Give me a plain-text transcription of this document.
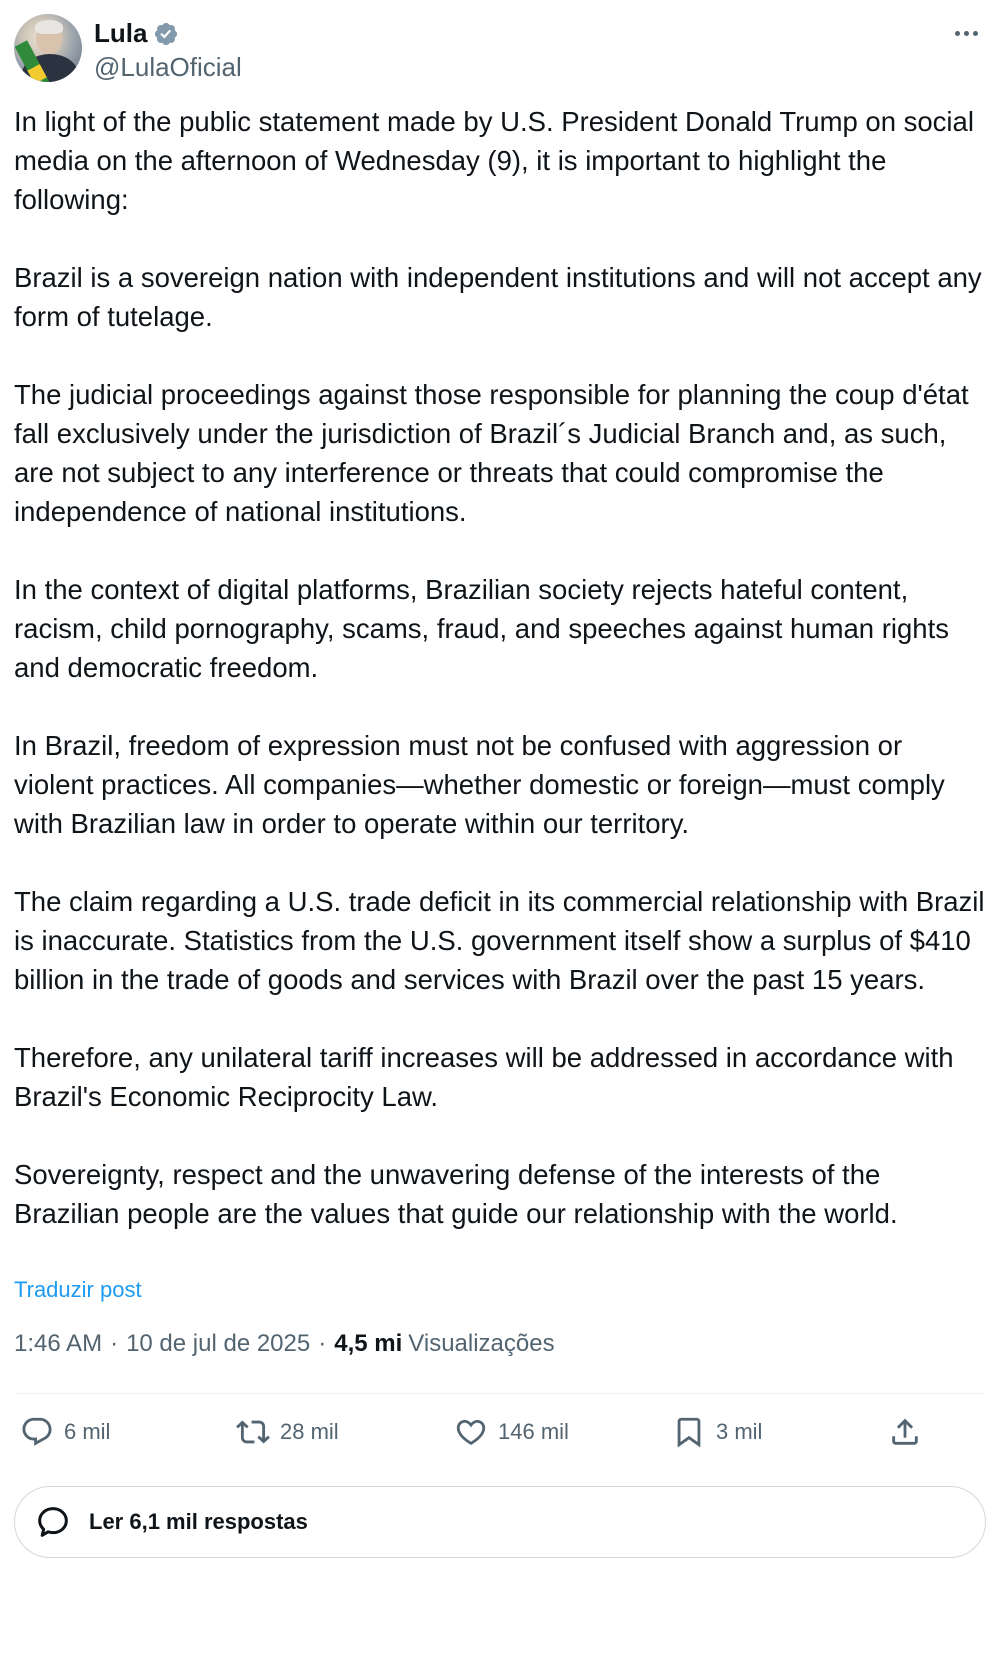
Lula
@LulaOficial

In light of the public statement made by U.S. President Donald Trump on social media on the afternoon of Wednesday (9), it is important to highlight the following:

Brazil is a sovereign nation with independent institutions and will not accept any form of tutelage.

The judicial proceedings against those responsible for planning the coup d'état fall exclusively under the jurisdiction of Brazil´s Judicial Branch and, as such, are not subject to any interference or threats that could compromise the independence of national institutions.

In the context of digital platforms, Brazilian society rejects hateful content, racism, child pornography, scams, fraud, and speeches against human rights and democratic freedom.

In Brazil, freedom of expression must not be confused with aggression or violent practices. All companies—whether domestic or foreign—must comply with Brazilian law in order to operate within our territory.

The claim regarding a U.S. trade deficit in its commercial relationship with Brazil is inaccurate. Statistics from the U.S. government itself show a surplus of $410 billion in the trade of goods and services with Brazil over the past 15 years.

Therefore, any unilateral tariff increases will be addressed in accordance with Brazil's Economic Reciprocity Law.

Sovereignty, respect and the unwavering defense of the interests of the Brazilian people are the values that guide our relationship with the world.

Traduzir post
1:46 AM · 10 de jul de 2025 · 4,5 mi Visualizações
6 mil	28 mil	146 mil	3 mil
Ler 6,1 mil respostas
